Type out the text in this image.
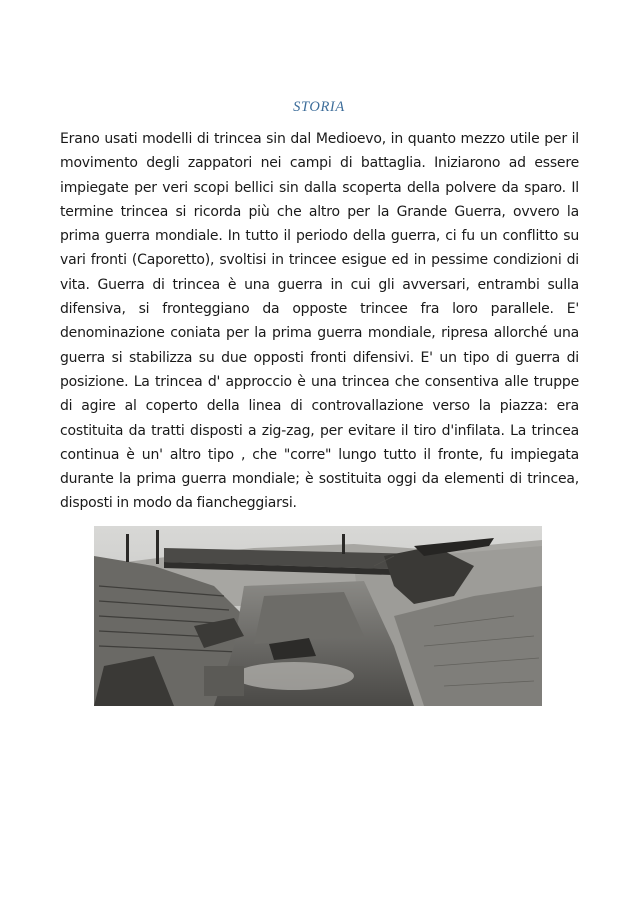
STORIA
Erano usati modelli di trincea sin dal Medioevo, in quanto mezzo utile per il movimento degli zappatori nei campi di battaglia. Iniziarono ad essere impiegate per veri scopi bellici sin dalla scoperta della polvere da sparo. Il termine trincea si ricorda più che altro per la Grande Guerra, ovvero la prima guerra mondiale. In tutto il periodo della guerra, ci fu un conflitto su vari fronti (Caporetto), svoltisi in trincee esigue ed in pessime condizioni di vita. Guerra di trincea è una guerra in cui gli avversari, entrambi sulla difensiva, si fronteggiano da opposte trincee fra loro parallele. E' denominazione coniata per la prima guerra mondiale, ripresa allorché una guerra si stabilizza su due opposti fronti difensivi. E' un tipo di guerra di posizione. La trincea d' approccio è una trincea che consentiva alle truppe di agire al coperto della linea di controvallazione verso la piazza: era costituita da tratti disposti a zig-zag, per evitare il tiro d'infilata. La trincea continua è un' altro tipo , che "corre" lungo tutto il fronte, fu impiegata durante la prima guerra mondiale; è sostituita oggi da elementi di trincea, disposti in modo da fiancheggiarsi.
